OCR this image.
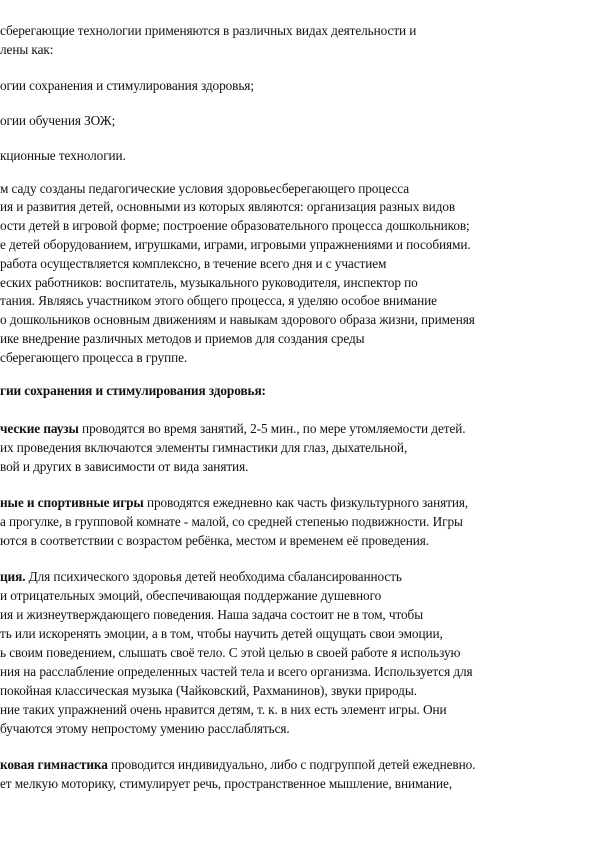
сберегающие технологии применяются в различных видах деятельности и

лены как:

огии сохранения и стимулирования здоровья;

огии обучения ЗОЖ;

кционные технологии.

м саду созданы педагогические условия здоровьесберегающего процесса

ия и развития детей, основными из которых являются: организация разных видов

ости детей в игровой форме; построение образовательного процесса дошкольников;

е детей оборудованием, игрушками, играми, игровыми упражнениями и пособиями.

работа осуществляется комплексно, в течение всего дня и с участием

еских работников: воспитатель, музыкального руководителя, инспектор по

тания. Являясь участником этого общего процесса, я уделяю особое внимание

о дошкольников основным движениям и навыкам здорового образа жизни, применяя

ике внедрение различных методов и приемов для создания среды

сберегающего процесса в группе.

гии сохранения и стимулирования здоровья:

ческие паузы проводятся во время занятий, 2-5 мин., по мере утомляемости детей.

их проведения включаются элементы гимнастики для глаз, дыхательной,

вой и других в зависимости от вида занятия.

ные и спортивные игры проводятся ежедневно как часть физкультурного занятия,

а прогулке, в групповой комнате - малой, со средней степенью подвижности. Игры

ются в соответствии с возрастом ребёнка, местом и временем её проведения.

ция. Для психического здоровья детей необходима сбалансированность

и отрицательных эмоций, обеспечивающая поддержание душевного

ия и жизнеутверждающего поведения. Наша задача состоит не в том, чтобы

ть или искоренять эмоции, а в том, чтобы научить детей ощущать свои эмоции,

ь своим поведением, слышать своё тело. С этой целью в своей работе я использую

ния на расслабление определенных частей тела и всего организма. Используется для

покойная классическая музыка (Чайковский, Рахманинов), звуки природы.

ние таких упражнений очень нравится детям, т. к. в них есть элемент игры. Они

бучаются этому непростому умению расслабляться.

ковая гимнастика проводится индивидуально, либо с подгруппой детей ежедневно.

ет мелкую моторику, стимулирует речь, пространственное мышление, внимание,
